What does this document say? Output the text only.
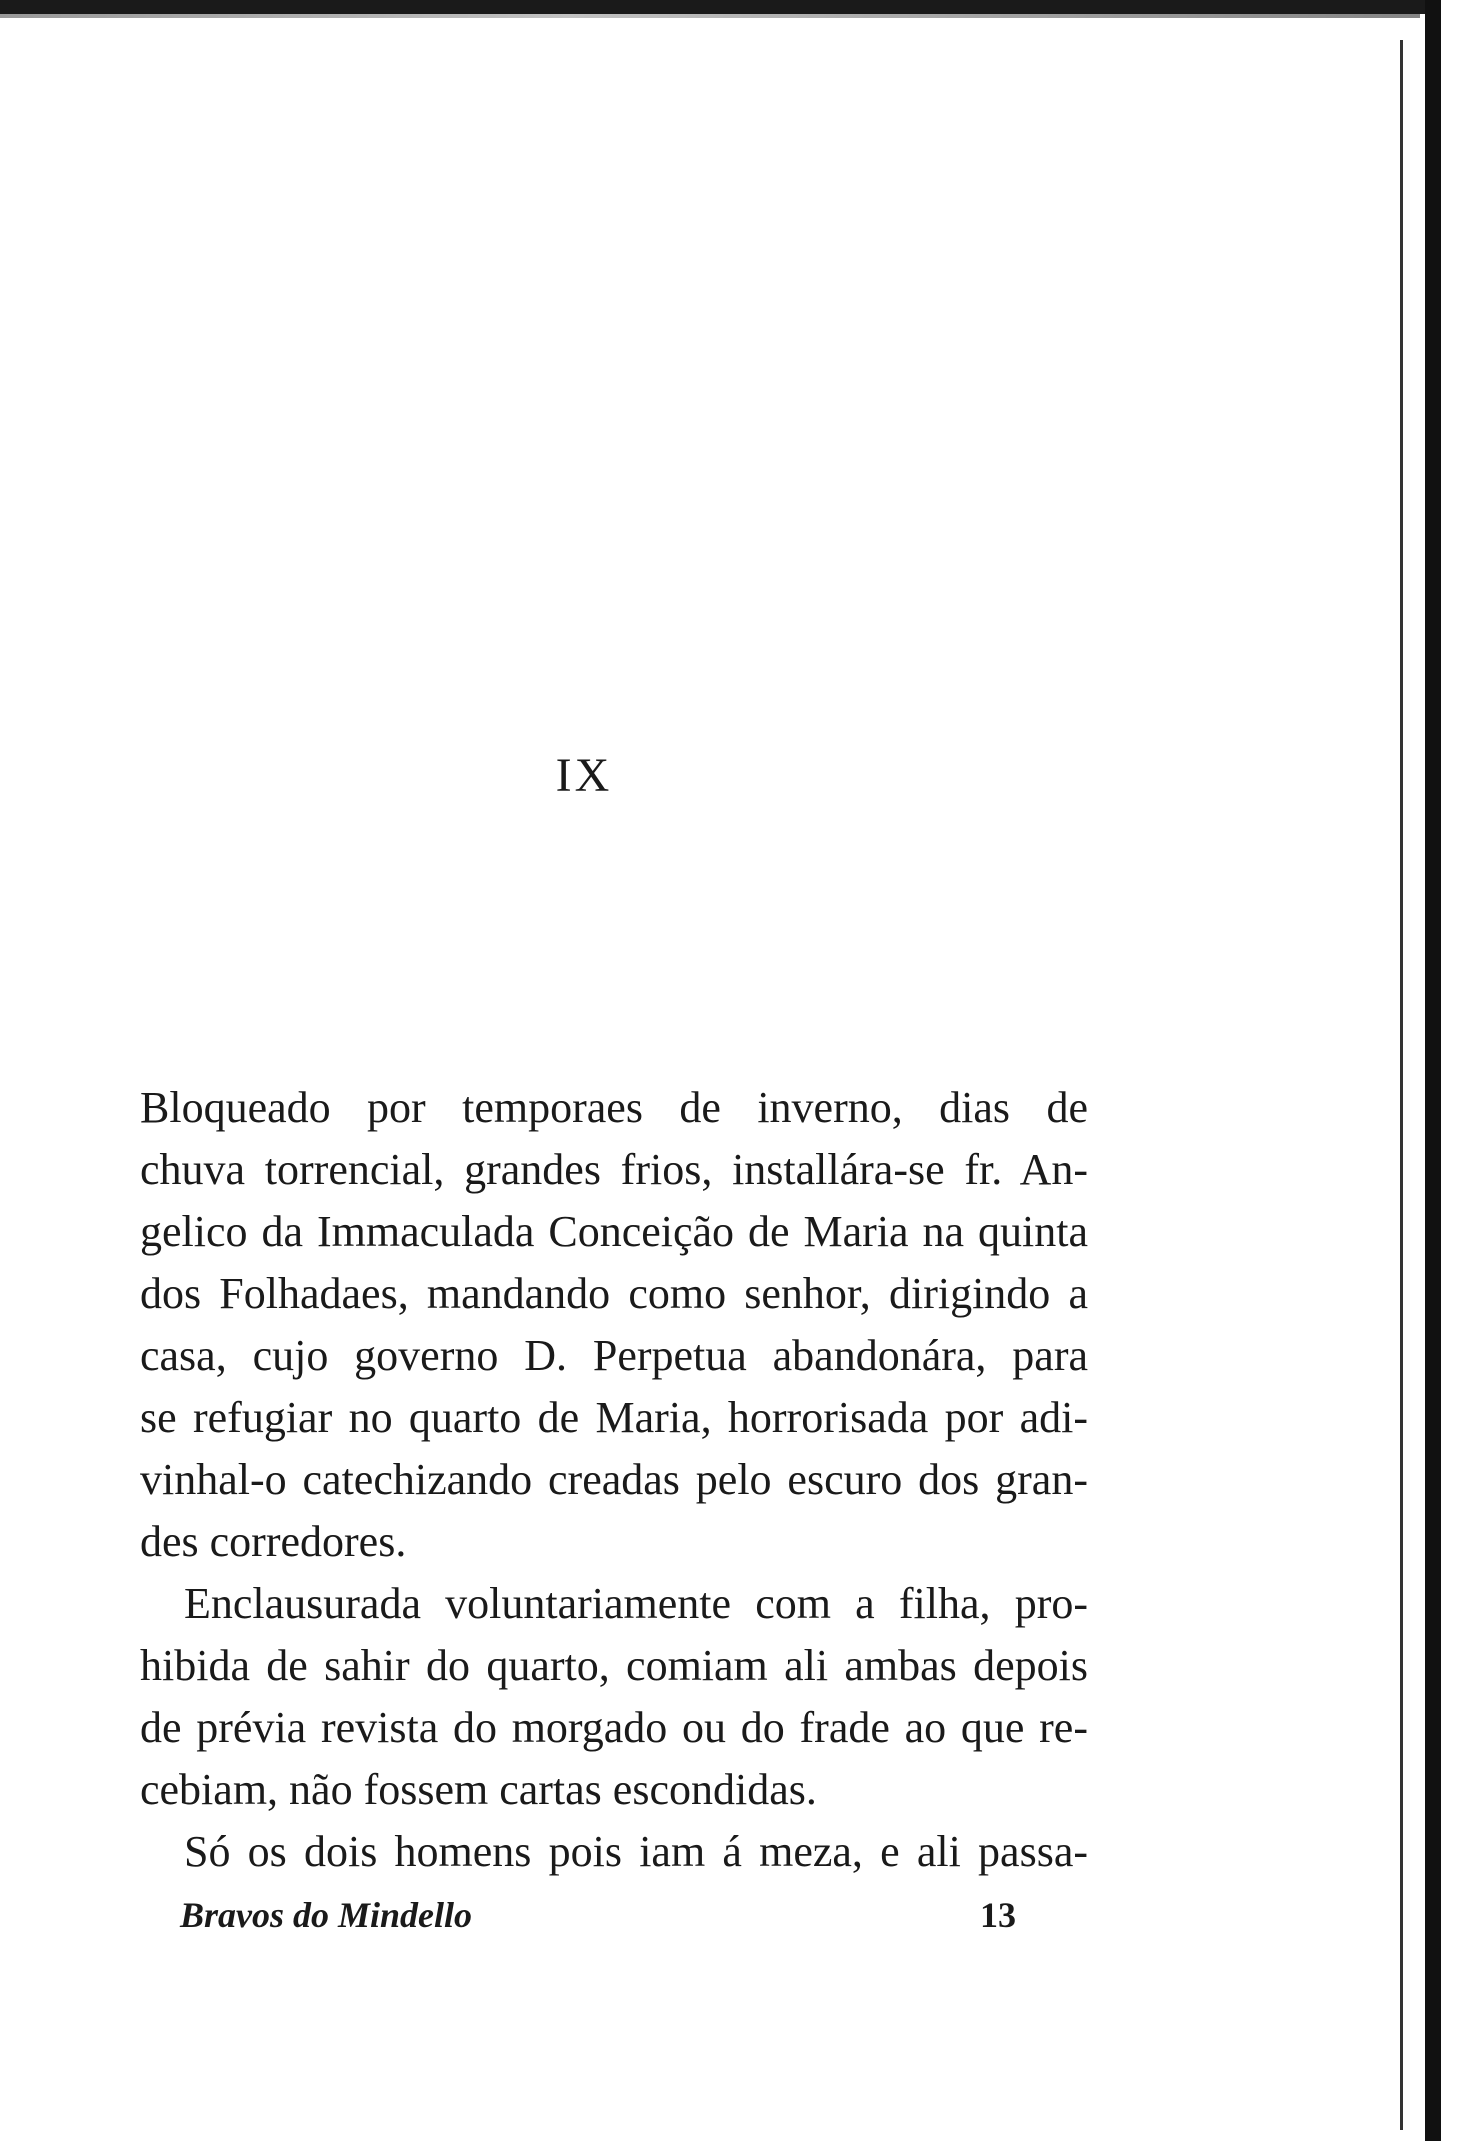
IX

Bloqueado por temporaes de inverno, dias de
chuva torrencial, grandes frios, installára-se fr. An-
gelico da Immaculada Conceição de Maria na quinta
dos Folhadaes, mandando como senhor, dirigindo a
casa, cujo governo D. Perpetua abandonára, para
se refugiar no quarto de Maria, horrorisada por adi-
vinhal-o catechizando creadas pelo escuro dos gran-
des corredores.

Enclausurada voluntariamente com a filha, pro-
hibida de sahir do quarto, comiam ali ambas depois
de prévia revista do morgado ou do frade ao que re-
cebiam, não fossem cartas escondidas.

Só os dois homens pois iam á meza, e ali passa-

Bravos do Mindello	13
